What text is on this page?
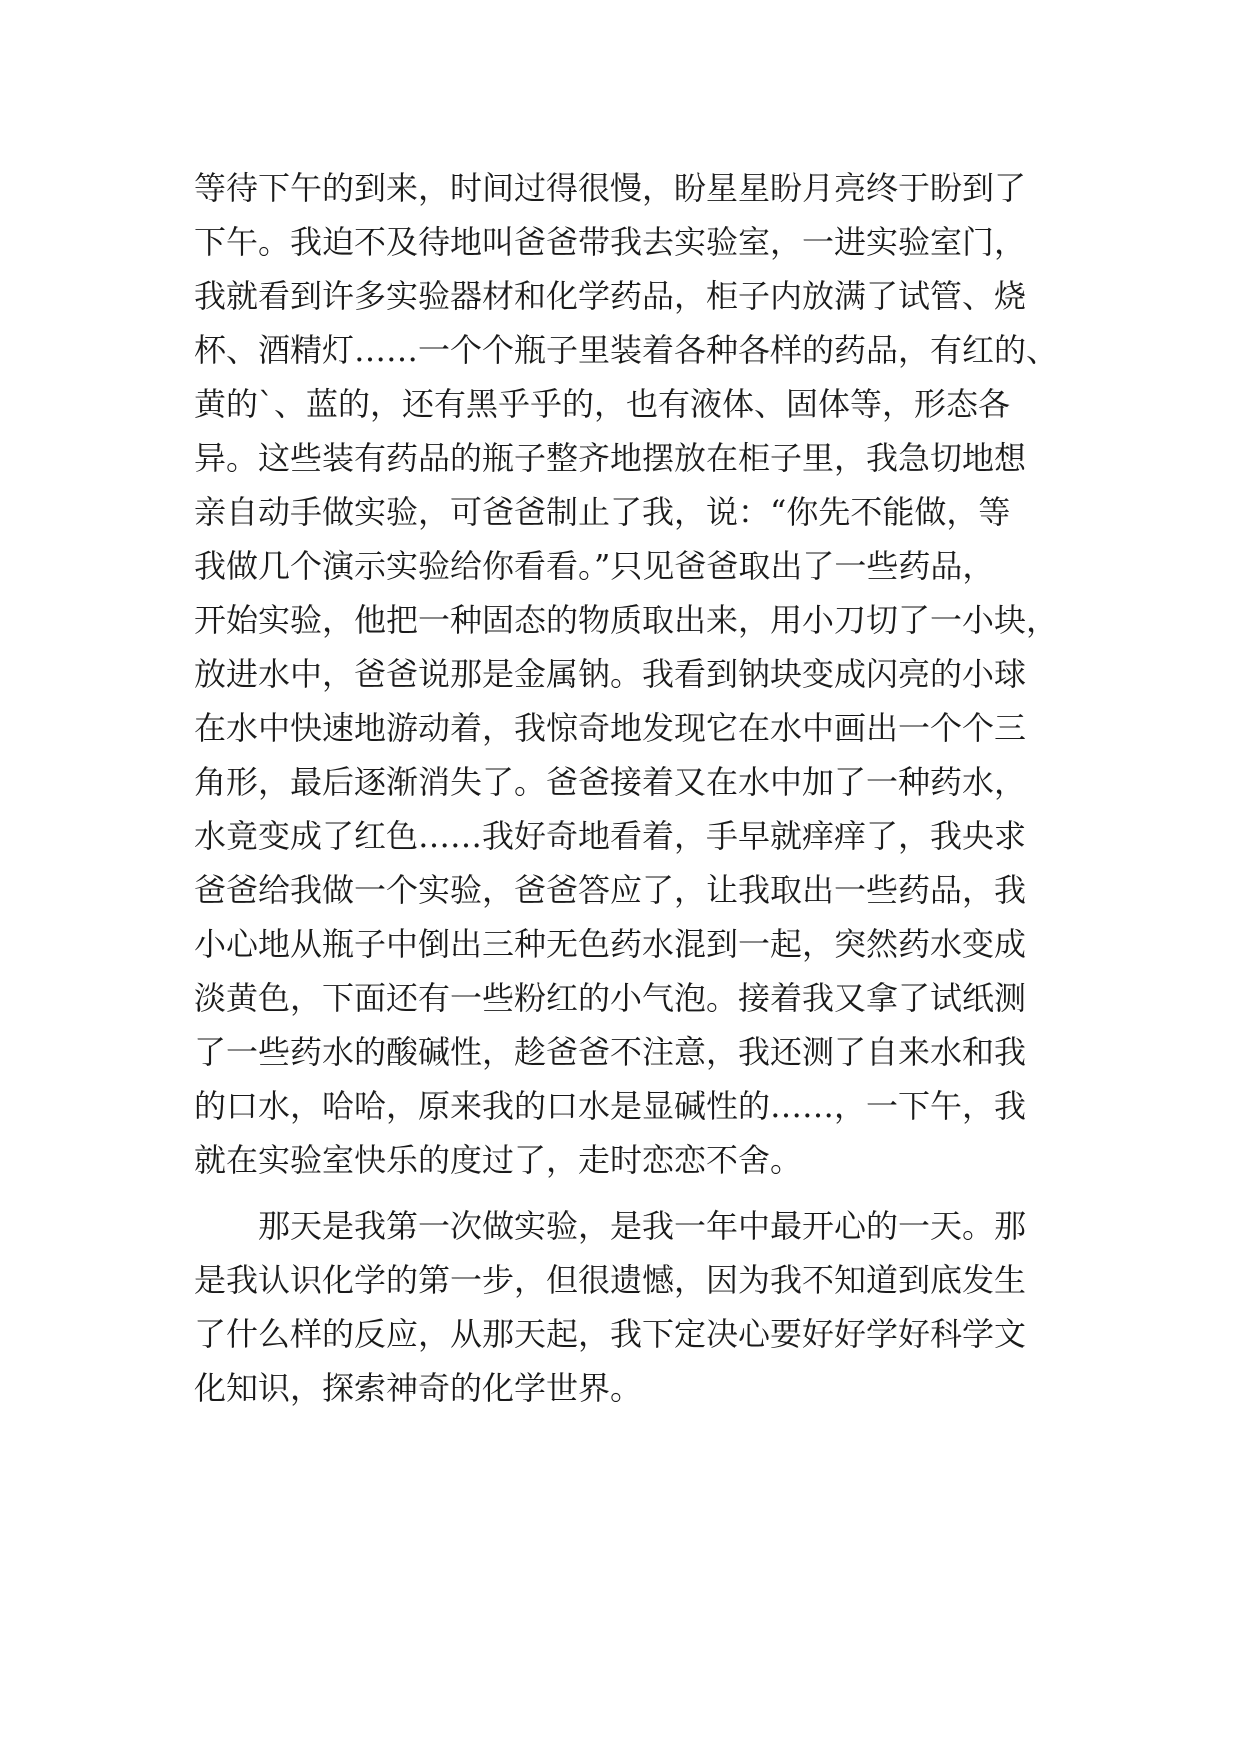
等待下午的到来，时间过得很慢，盼星星盼月亮终于盼到了
下午。我迫不及待地叫爸爸带我去实验室，一进实验室门，
我就看到许多实验器材和化学药品，柜子内放满了试管、烧
杯、酒精灯……一个个瓶子里装着各种各样的药品，有红的、
黄的`、蓝的，还有黑乎乎的，也有液体、固体等，形态各
异。这些装有药品的瓶子整齐地摆放在柜子里，我急切地想
亲自动手做实验，可爸爸制止了我，说：“你先不能做，等
我做几个演示实验给你看看。”只见爸爸取出了一些药品，
开始实验，他把一种固态的物质取出来，用小刀切了一小块，
放进水中，爸爸说那是金属钠。我看到钠块变成闪亮的小球
在水中快速地游动着，我惊奇地发现它在水中画出一个个三
角形，最后逐渐消失了。爸爸接着又在水中加了一种药水，
水竟变成了红色……我好奇地看着，手早就痒痒了，我央求
爸爸给我做一个实验，爸爸答应了，让我取出一些药品，我
小心地从瓶子中倒出三种无色药水混到一起，突然药水变成
淡黄色，下面还有一些粉红的小气泡。接着我又拿了试纸测
了一些药水的酸碱性，趁爸爸不注意，我还测了自来水和我
的口水，哈哈，原来我的口水是显碱性的……，一下午，我
就在实验室快乐的度过了，走时恋恋不舍。
那天是我第一次做实验，是我一年中最开心的一天。那
是我认识化学的第一步，但很遗憾，因为我不知道到底发生
了什么样的反应，从那天起，我下定决心要好好学好科学文
化知识，探索神奇的化学世界。
